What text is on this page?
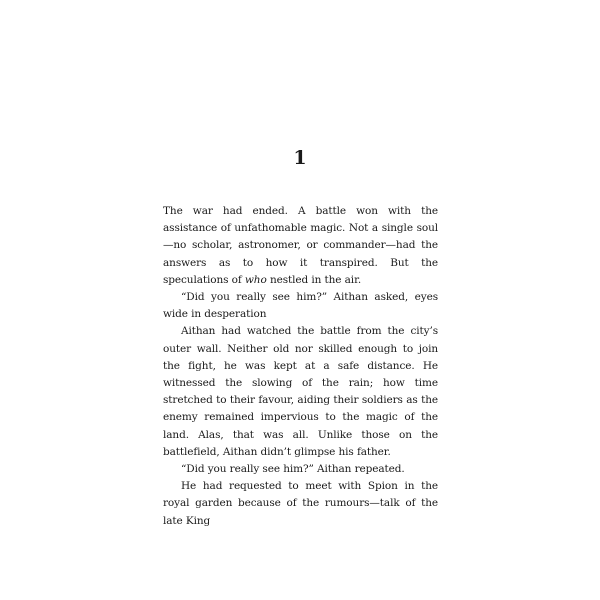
1

The war had ended. A battle won with the assistance of unfathomable magic. Not a single soul—no scholar, astronomer, or commander—had the answers as to how it transpired. But the speculations of who nestled in the air.

“Did you really see him?” Aithan asked, eyes wide in desperation

Aithan had watched the battle from the city’s outer wall. Neither old nor skilled enough to join the fight, he was kept at a safe distance. He witnessed the slowing of the rain; how time stretched to their favour, aiding their soldiers as the enemy remained impervious to the magic of the land. Alas, that was all. Unlike those on the battlefield, Aithan didn’t glimpse his father.

“Did you really see him?” Aithan repeated.

He had requested to meet with Spion in the royal garden because of the rumours—talk of the late King
